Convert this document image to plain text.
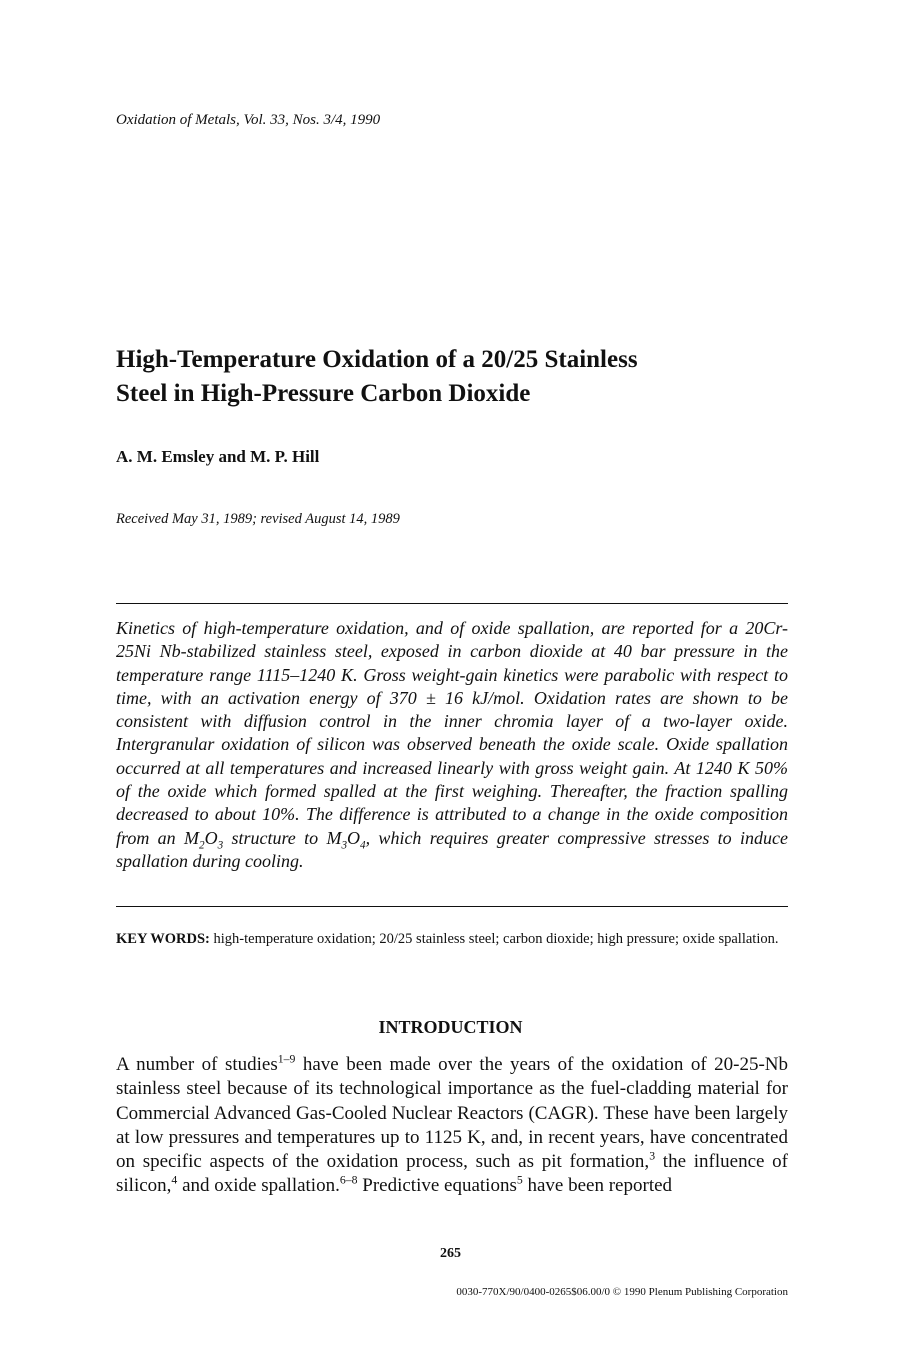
Oxidation of Metals, Vol. 33, Nos. 3/4, 1990
High-Temperature Oxidation of a 20/25 Stainless
Steel in High-Pressure Carbon Dioxide
A. M. Emsley and M. P. Hill
Received May 31, 1989; revised August 14, 1989
Kinetics of high-temperature oxidation, and of oxide spallation, are reported for a 20Cr-25Ni Nb-stabilized stainless steel, exposed in carbon dioxide at 40 bar pressure in the temperature range 1115–1240 K. Gross weight-gain kinetics were parabolic with respect to time, with an activation energy of 370 ± 16 kJ/mol. Oxidation rates are shown to be consistent with diffusion control in the inner chromia layer of a two-layer oxide. Intergranular oxidation of silicon was observed beneath the oxide scale. Oxide spallation occurred at all temperatures and increased linearly with gross weight gain. At 1240 K 50% of the oxide which formed spalled at the first weighing. Thereafter, the fraction spalling decreased to about 10%. The difference is attributed to a change in the oxide composition from an $M_2O_3$ structure to $M_3O_4$, which requires greater compressive stresses to induce spallation during cooling.
KEY WORDS: high-temperature oxidation; 20/25 stainless steel; carbon dioxide; high pressure; oxide spallation.
INTRODUCTION
A number of studies$^{1-9}$ have been made over the years of the oxidation of 20-25-Nb stainless steel because of its technological importance as the fuel-cladding material for Commercial Advanced Gas-Cooled Nuclear Reactors (CAGR). These have been largely at low pressures and temperatures up to 1125 K, and, in recent years, have concentrated on specific aspects of the oxidation process, such as pit formation,$^3$ the influence of silicon,$^4$ and oxide spallation.$^{6-8}$ Predictive equations$^5$ have been reported
265
0030-770X/90/0400-0265$06.00/0 © 1990 Plenum Publishing Corporation
